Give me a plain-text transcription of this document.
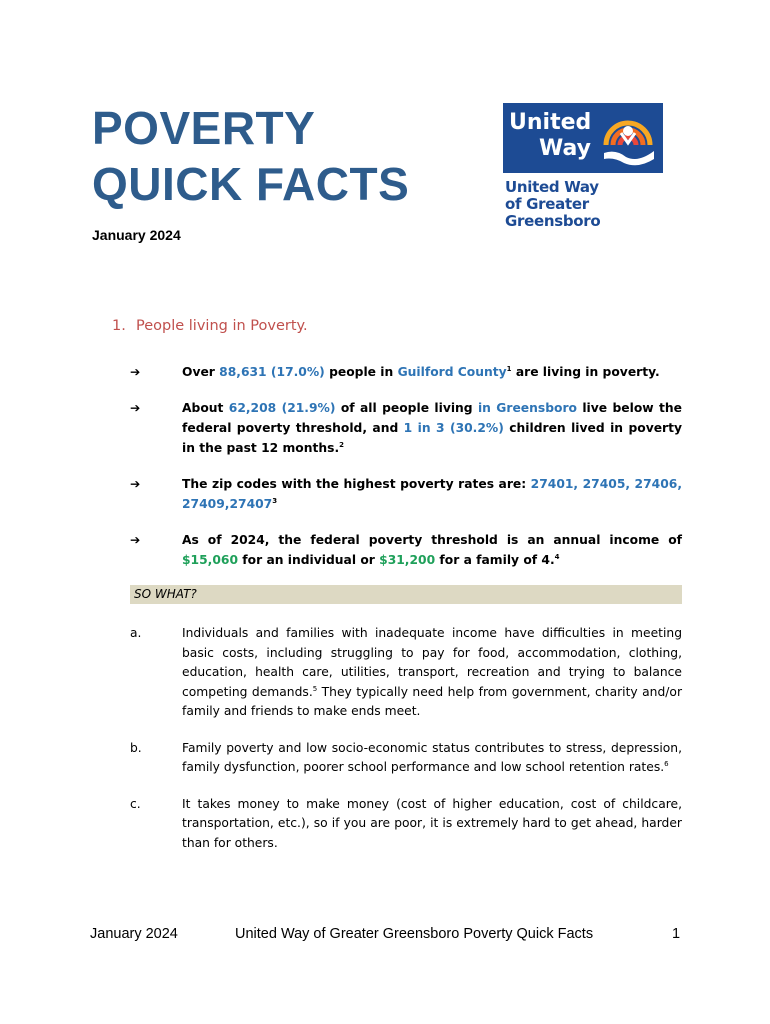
POVERTY
QUICK FACTS
January 2024
United
Way
United Way
of Greater Greensboro
1. People living in Poverty.
➔	Over 88,631 (17.0%) people in Guilford County$^1$ are living in poverty.
➔	About 62,208 (21.9%) of all people living in Greensboro live below the federal poverty threshold, and 1 in 3 (30.2%) children lived in poverty in the past 12 months.$^2$
➔	The zip codes with the highest poverty rates are: 27401, 27405, 27406, 27409,27407$^3$
➔	As of 2024, the federal poverty threshold is an annual income of $15,060 for an individual or $31,200 for a family of 4.$^4$
SO WHAT?
a.	Individuals and families with inadequate income have difficulties in meeting basic costs, including struggling to pay for food, accommodation, clothing, education, health care, utilities, transport, recreation and trying to balance competing demands.$^5$ They typically need help from government, charity and/or family and friends to make ends meet.
b.	Family poverty and low socio-economic status contributes to stress, depression, family dysfunction, poorer school performance and low school retention rates.$^6$
c.	It takes money to make money (cost of higher education, cost of childcare, transportation, etc.), so if you are poor, it is extremely hard to get ahead, harder than for others.
January 2024	United Way of Greater Greensboro Poverty Quick Facts	1
